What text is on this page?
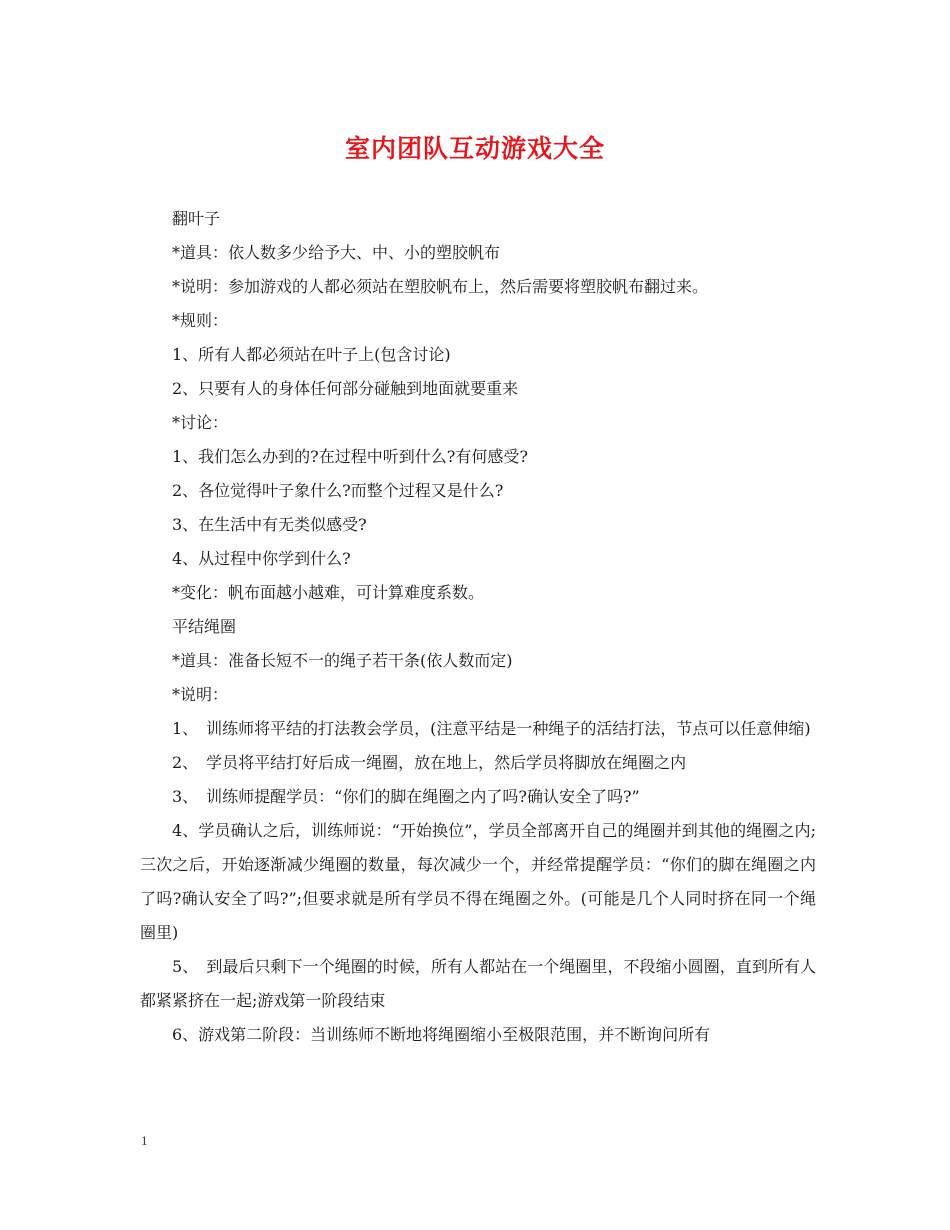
室内团队互动游戏大全

翻叶子

*道具：依人数多少给予大、中、小的塑胶帆布

*说明：参加游戏的人都必须站在塑胶帆布上，然后需要将塑胶帆布翻过来。

*规则：

1、所有人都必须站在叶子上(包含讨论)

2、只要有人的身体任何部分碰触到地面就要重来

*讨论：

1、我们怎么办到的?在过程中听到什么?有何感受?

2、各位觉得叶子象什么?而整个过程又是什么?

3、在生活中有无类似感受?

4、从过程中你学到什么?

*变化：帆布面越小越难，可计算难度系数。

平结绳圈

*道具：准备长短不一的绳子若干条(依人数而定)

*说明：

1、　训练师将平结的打法教会学员，(注意平结是一种绳子的活结打法，节点可以任意伸缩)

2、　学员将平结打好后成一绳圈，放在地上，然后学员将脚放在绳圈之内

3、　训练师提醒学员：“你们的脚在绳圈之内了吗?确认安全了吗?”

4、学员确认之后，训练师说：“开始换位”，学员全部离开自己的绳圈并到其他的绳圈之内;三次之后，开始逐渐减少绳圈的数量，每次减少一个，并经常提醒学员：“你们的脚在绳圈之内了吗?确认安全了吗?”;但要求就是所有学员不得在绳圈之外。(可能是几个人同时挤在同一个绳圈里)

5、　到最后只剩下一个绳圈的时候，所有人都站在一个绳圈里，不段缩小圆圈，直到所有人都紧紧挤在一起;游戏第一阶段结束

6、游戏第二阶段：当训练师不断地将绳圈缩小至极限范围，并不断询问所有

1
